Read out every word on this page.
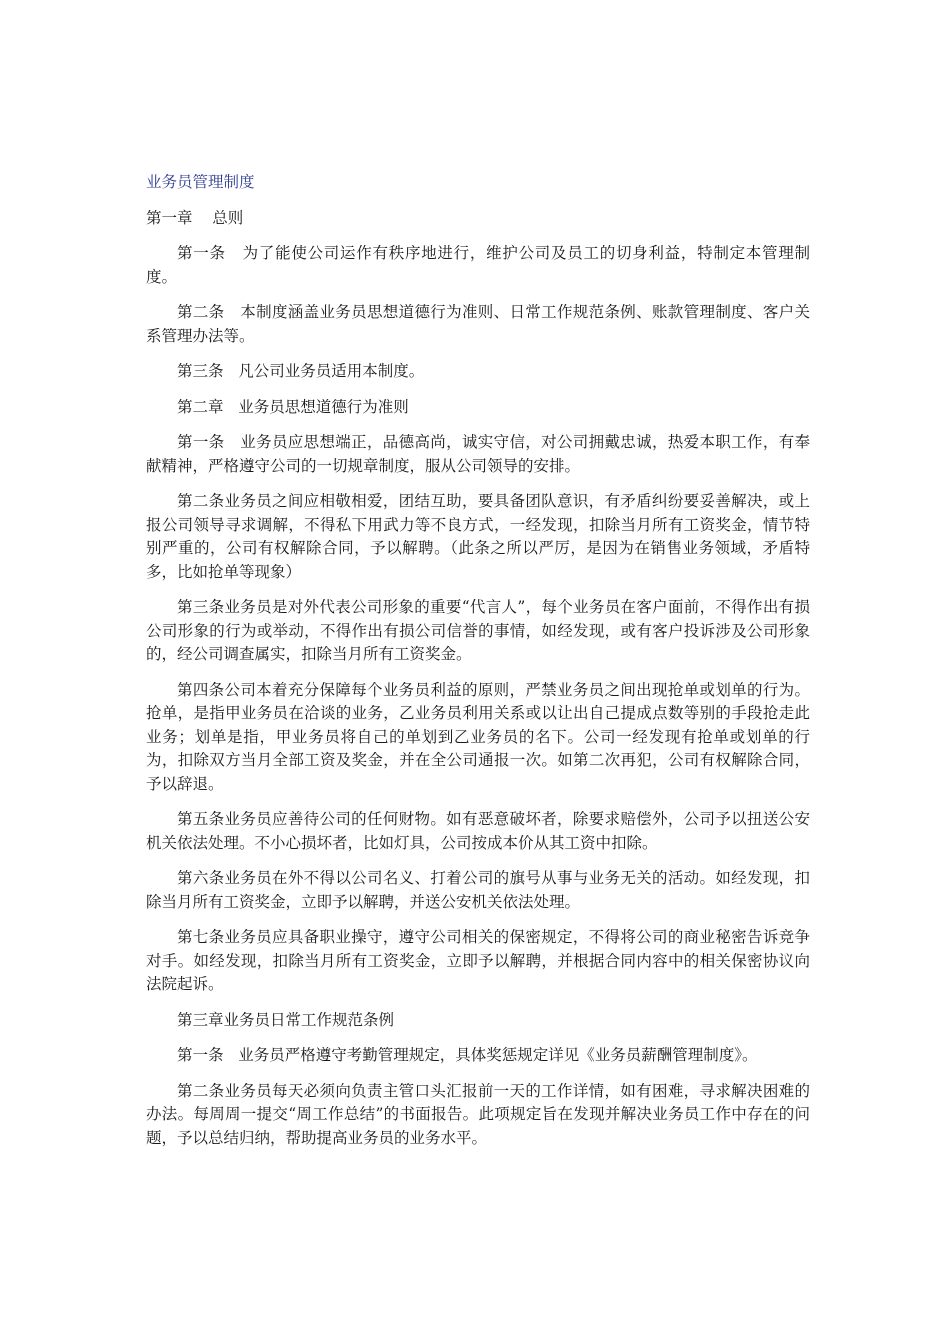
业务员管理制度
第一章    总则

第一条   为了能使公司运作有秩序地进行，维护公司及员工的切身利益，特制定本管理制度。

第二条   本制度涵盖业务员思想道德行为准则、日常工作规范条例、账款管理制度、客户关系管理办法等。

第三条   凡公司业务员适用本制度。

第二章   业务员思想道德行为准则

第一条   业务员应思想端正，品德高尚，诚实守信，对公司拥戴忠诚，热爱本职工作，有奉献精神，严格遵守公司的一切规章制度，服从公司领导的安排。

第二条业务员之间应相敬相爱，团结互助，要具备团队意识，有矛盾纠纷要妥善解决，或上报公司领导寻求调解，不得私下用武力等不良方式，一经发现，扣除当月所有工资奖金，情节特别严重的，公司有权解除合同，予以解聘。（此条之所以严厉，是因为在销售业务领域，矛盾特多，比如抢单等现象）

第三条业务员是对外代表公司形象的重要“代言人”，每个业务员在客户面前，不得作出有损公司形象的行为或举动，不得作出有损公司信誉的事情，如经发现，或有客户投诉涉及公司形象的，经公司调查属实，扣除当月所有工资奖金。

第四条公司本着充分保障每个业务员利益的原则，严禁业务员之间出现抢单或划单的行为。抢单，是指甲业务员在洽谈的业务，乙业务员利用关系或以让出自己提成点数等别的手段抢走此业务；划单是指，甲业务员将自己的单划到乙业务员的名下。公司一经发现有抢单或划单的行为，扣除双方当月全部工资及奖金，并在全公司通报一次。如第二次再犯，公司有权解除合同，予以辞退。

第五条业务员应善待公司的任何财物。如有恶意破坏者，除要求赔偿外，公司予以扭送公安机关依法处理。不小心损坏者，比如灯具，公司按成本价从其工资中扣除。

第六条业务员在外不得以公司名义、打着公司的旗号从事与业务无关的活动。如经发现，扣除当月所有工资奖金，立即予以解聘，并送公安机关依法处理。

第七条业务员应具备职业操守，遵守公司相关的保密规定，不得将公司的商业秘密告诉竞争对手。如经发现，扣除当月所有工资奖金，立即予以解聘，并根据合同内容中的相关保密协议向法院起诉。

第三章业务员日常工作规范条例

第一条   业务员严格遵守考勤管理规定，具体奖惩规定详见《业务员薪酬管理制度》。

第二条业务员每天必须向负责主管口头汇报前一天的工作详情，如有困难，寻求解决困难的办法。每周周一提交“周工作总结”的书面报告。此项规定旨在发现并解决业务员工作中存在的问题，予以总结归纳，帮助提高业务员的业务水平。
